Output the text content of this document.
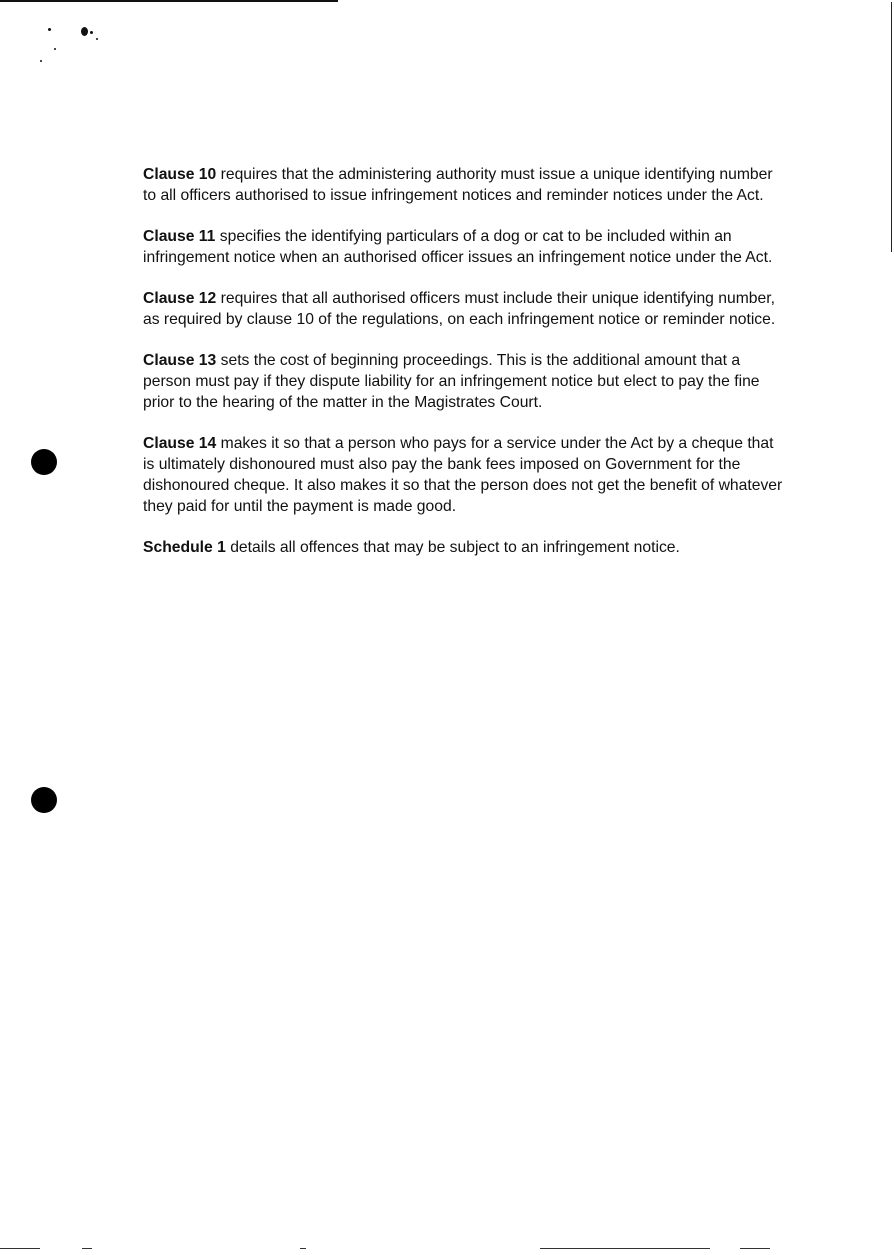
Clause 10 requires that the administering authority must issue a unique identifying number to all officers authorised to issue infringement notices and reminder notices under the Act.

Clause 11 specifies the identifying particulars of a dog or cat to be included within an infringement notice when an authorised officer issues an infringement notice under the Act.

Clause 12 requires that all authorised officers must include their unique identifying number, as required by clause 10 of the regulations, on each infringement notice or reminder notice.

Clause 13 sets the cost of beginning proceedings. This is the additional amount that a person must pay if they dispute liability for an infringement notice but elect to pay the fine prior to the hearing of the matter in the Magistrates Court.

Clause 14 makes it so that a person who pays for a service under the Act by a cheque that is ultimately dishonoured must also pay the bank fees imposed on Government for the dishonoured cheque. It also makes it so that the person does not get the benefit of whatever they paid for until the payment is made good.

Schedule 1 details all offences that may be subject to an infringement notice.
